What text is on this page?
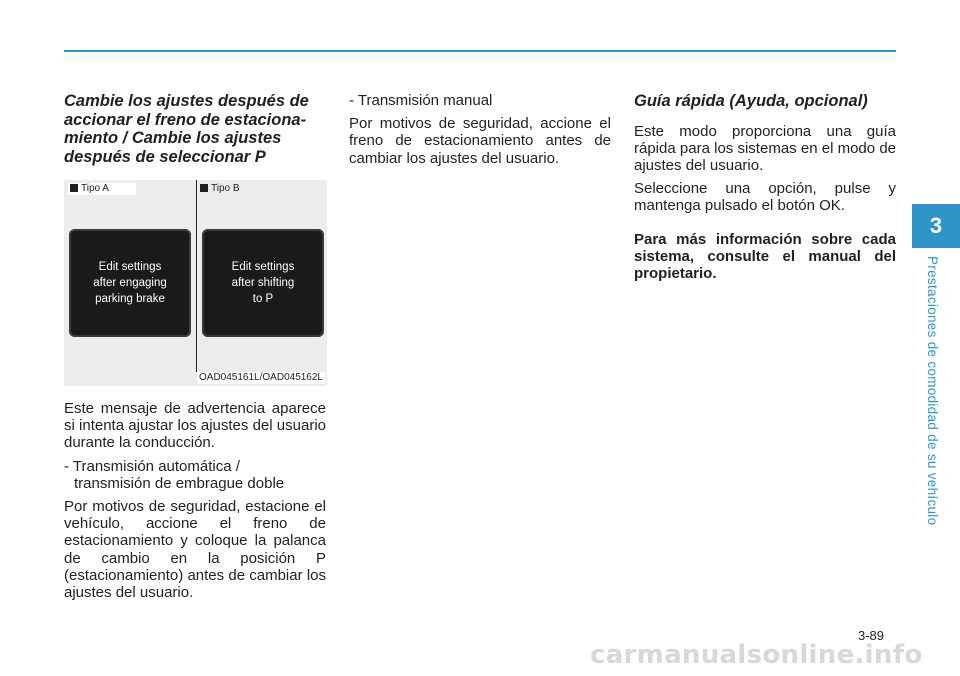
Cambie los ajustes después de accionar el freno de estaciona-miento / Cambie los ajustes después de seleccionar P

Tipo A	Tipo B
Edit settings
after engaging
parking brake
Edit settings
after shifting
to P
OAD045161L/OAD045162L

Este mensaje de advertencia aparece si intenta ajustar los ajustes del usuario durante la conducción.

- Transmisión automática /
transmisión de embrague doble

Por motivos de seguridad, estacione el vehículo, accione el freno de estacionamiento y coloque la palanca de cambio en la posición P (estacionamiento) antes de cambiar los ajustes del usuario.

- Transmisión manual

Por motivos de seguridad, accione el freno de estacionamiento antes de cambiar los ajustes del usuario.

Guía rápida (Ayuda, opcional)

Este modo proporciona una guía rápida para los sistemas en el modo de ajustes del usuario.

Seleccione una opción, pulse y mantenga pulsado el botón OK.

Para más información sobre cada sistema, consulte el manual del propietario.

3
Prestaciones de comodidad de su vehículo
3-89
carmanualsonline.info
